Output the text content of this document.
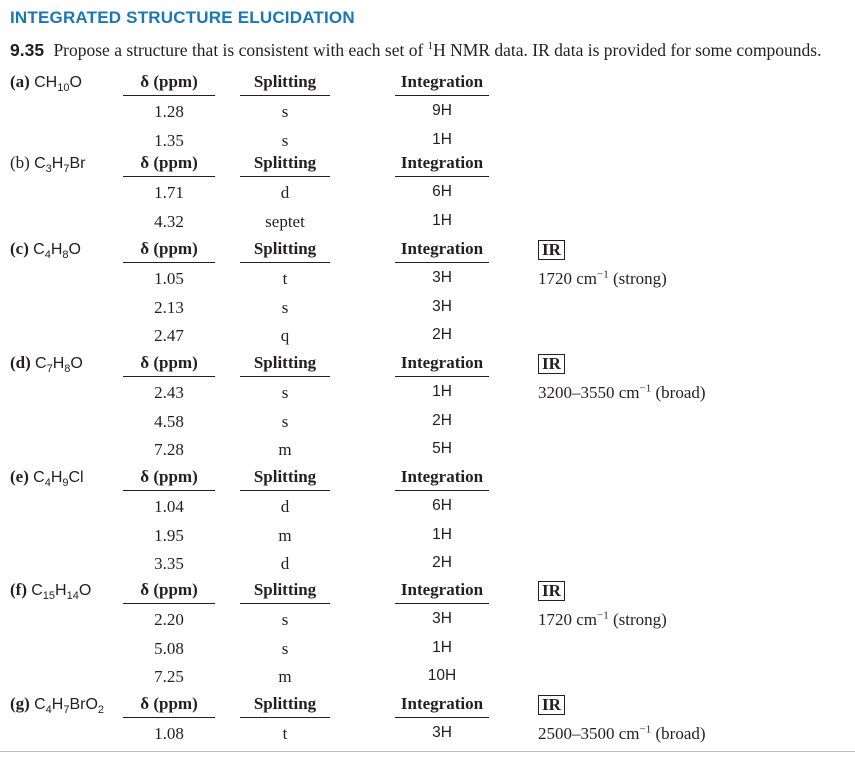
INTEGRATED STRUCTURE ELUCIDATION
9.35 Propose a structure that is consistent with each set of $^1$H NMR data. IR data is provided for some compounds.
(a) $CH_{10}O$	δ (ppm)	Splitting	Integration
1.28	s	9H
1.35	s	1H
(b) $C_3H_7Br$	δ (ppm)	Splitting	Integration
1.71	d	6H
4.32	septet	1H
(c) $C_4H_8O$	δ (ppm)	Splitting	Integration	IR
1.05	t	3H	1720 $cm^{-1}$ (strong)
2.13	s	3H
2.47	q	2H
(d) $C_7H_8O$	δ (ppm)	Splitting	Integration	IR
2.43	s	1H	3200–3550 $cm^{-1}$ (broad)
4.58	s	2H
7.28	m	5H
(e) $C_4H_9Cl$	δ (ppm)	Splitting	Integration
1.04	d	6H
1.95	m	1H
3.35	d	2H
(f) $C_{15}H_{14}O$	δ (ppm)	Splitting	Integration	IR
2.20	s	3H	1720 $cm^{-1}$ (strong)
5.08	s	1H
7.25	m	10H
(g) $C_4H_7BrO_2$	δ (ppm)	Splitting	Integration	IR
1.08	t	3H	2500–3500 $cm^{-1}$ (broad)
